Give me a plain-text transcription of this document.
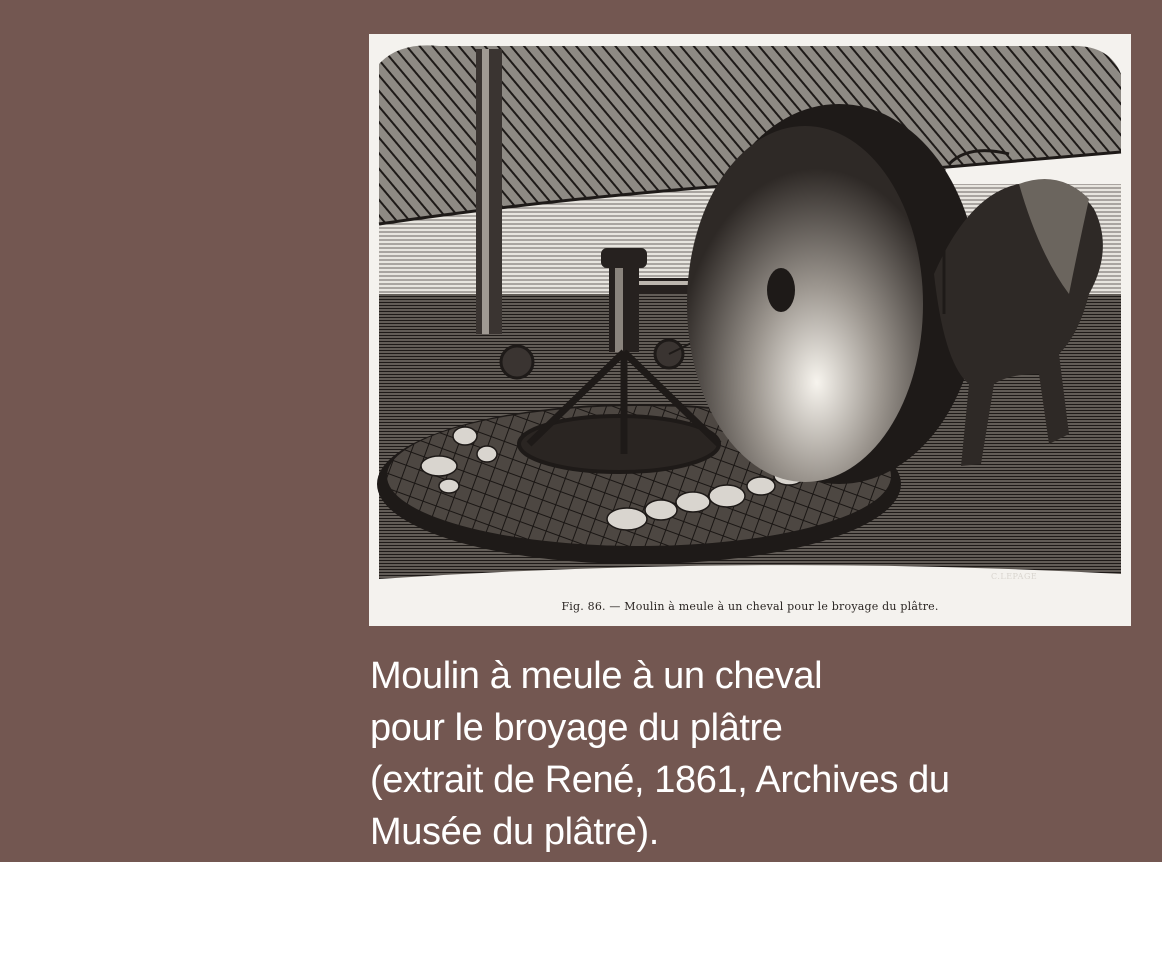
C.LEPAGE
Fig. 86. — Moulin à meule à un cheval pour le broyage du plâtre.
Moulin à meule à un cheval
pour le broyage du plâtre
(extrait de René, 1861, Archives du
Musée du plâtre).
